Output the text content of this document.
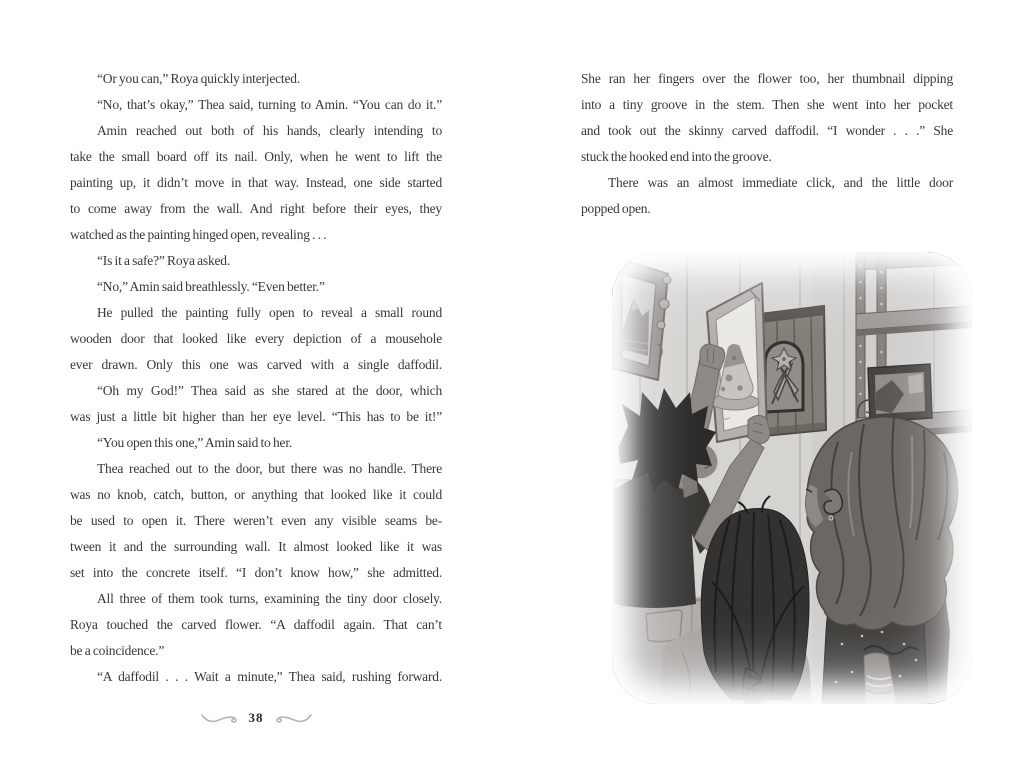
“Or you can,” Roya quickly interjected.
“No, that’s okay,” Thea said, turning to Amin. “You can do it.”
Amin reached out both of his hands, clearly intending to
take the small board off its nail. Only, when he went to lift the
painting up, it didn’t move in that way. Instead, one side started
to come away from the wall. And right before their eyes, they
watched as the painting hinged open, revealing . . .
“Is it a safe?” Roya asked.
“No,” Amin said breathlessly. “Even better.”
He pulled the painting fully open to reveal a small round
wooden door that looked like every depiction of a mousehole
ever drawn. Only this one was carved with a single daffodil.
“Oh my God!” Thea said as she stared at the door, which
was just a little bit higher than her eye level. “This has to be it!”
“You open this one,” Amin said to her.
Thea reached out to the door, but there was no handle. There
was no knob, catch, button, or anything that looked like it could
be used to open it. There weren’t even any visible seams be-
tween it and the surrounding wall. It almost looked like it was
set into the concrete itself. “I don’t know how,” she admitted.
All three of them took turns, examining the tiny door closely.
Roya touched the carved flower. “A daffodil again. That can’t
be a coincidence.”
“A daffodil . . . Wait a minute,” Thea said, rushing forward.
She ran her fingers over the flower too, her thumbnail dipping
into a tiny groove in the stem. Then she went into her pocket
and took out the skinny carved daffodil. “I wonder . . .” She
stuck the hooked end into the groove.
There was an almost immediate click, and the little door
popped open.
38
